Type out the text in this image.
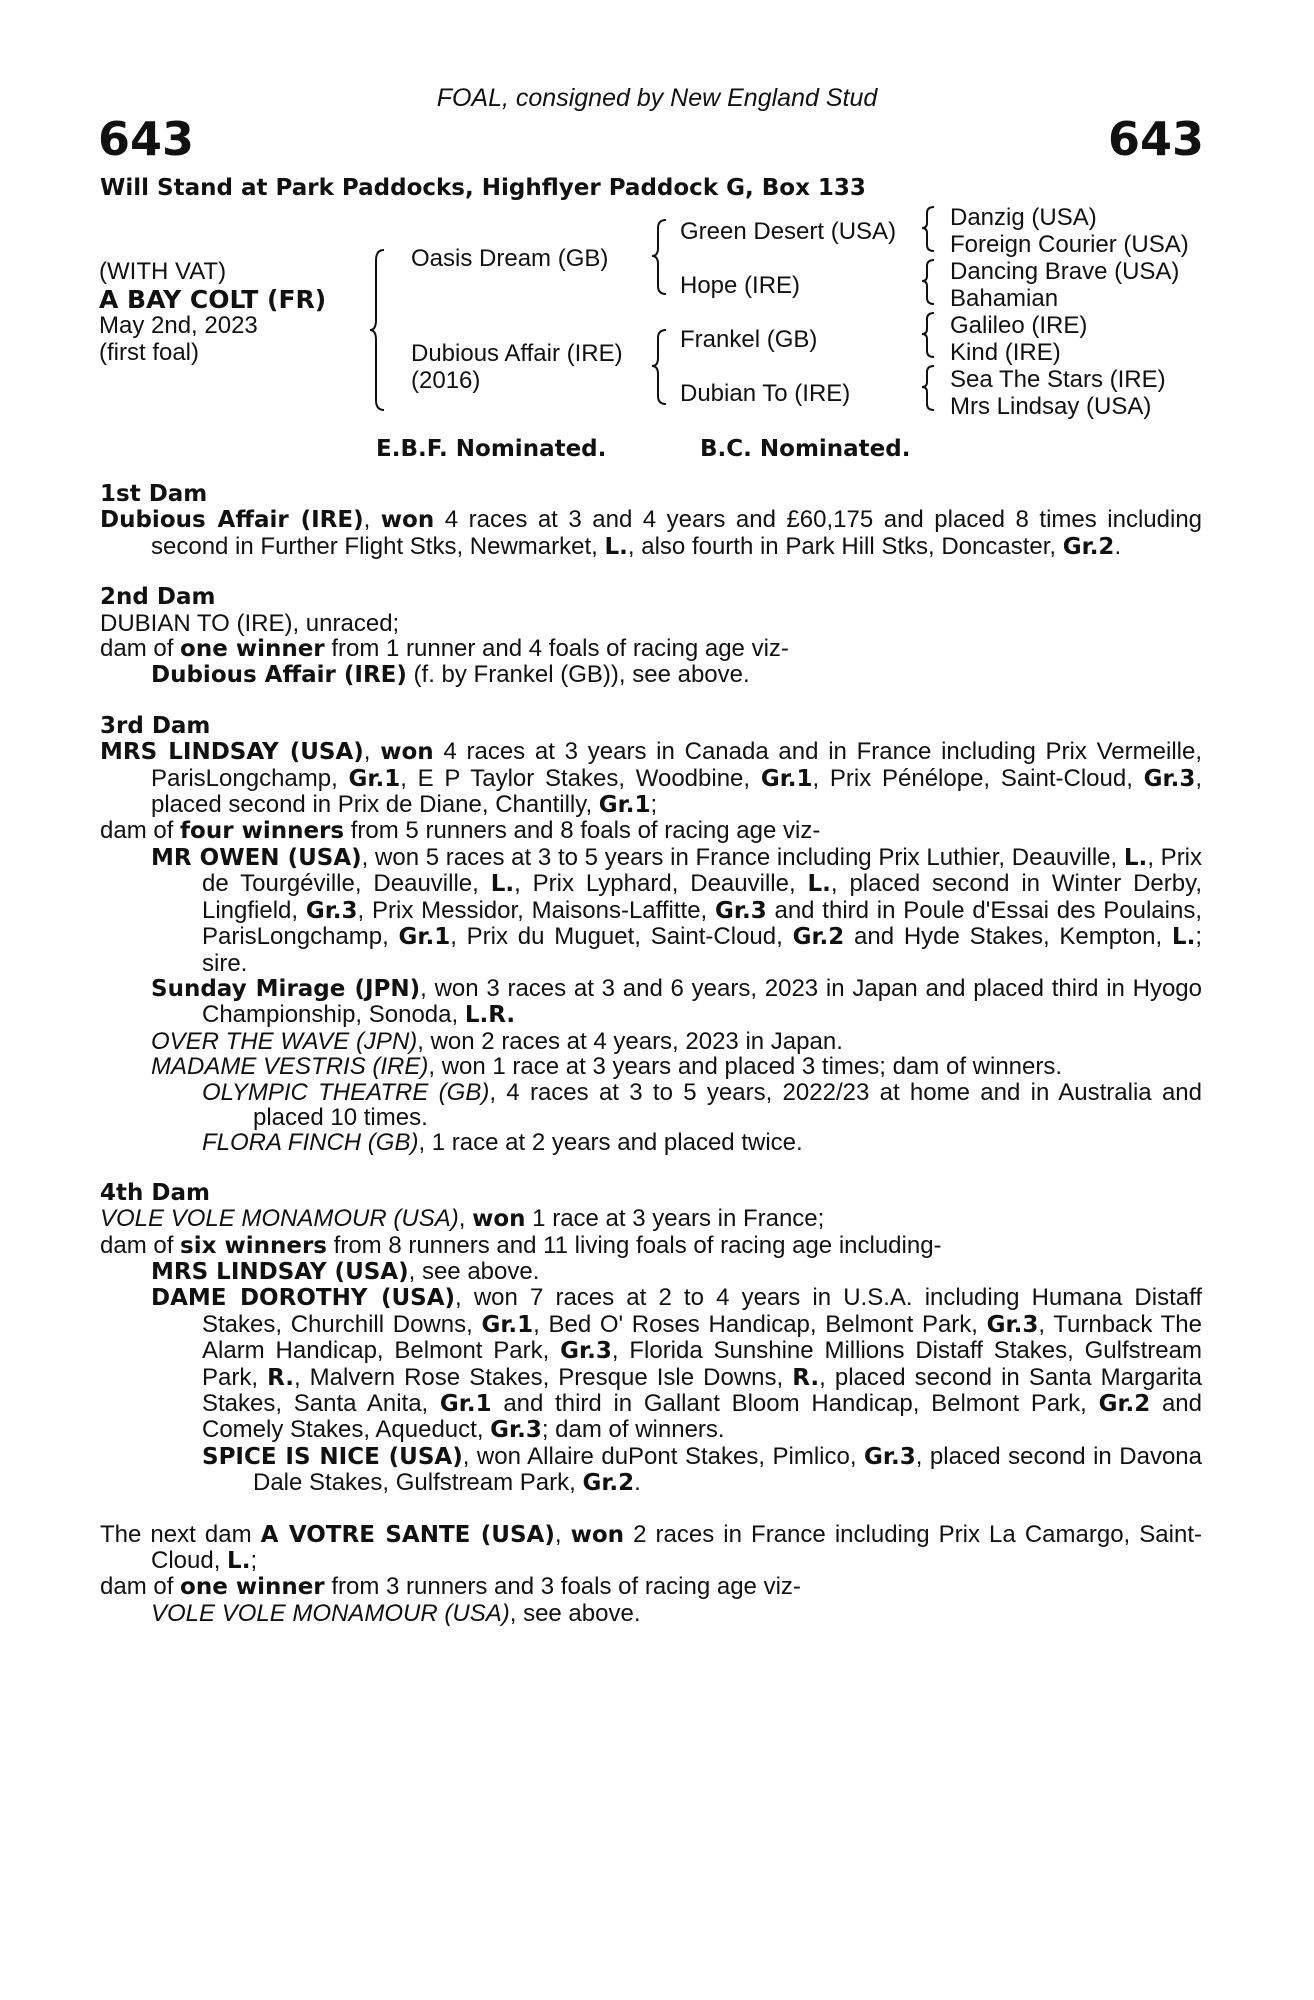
FOAL, consigned by New England Stud
643	643
Will Stand at Park Paddocks, Highflyer Paddock G, Box 133
(WITH VAT)
A BAY COLT (FR)
May 2nd, 2023
(first foal)
Oasis Dream (GB)
Dubious Affair (IRE)
(2016)
Green Desert (USA)
Hope (IRE)
Frankel (GB)
Dubian To (IRE)
Danzig (USA)
Foreign Courier (USA)
Dancing Brave (USA)
Bahamian
Galileo (IRE)
Kind (IRE)
Sea The Stars (IRE)
Mrs Lindsay (USA)
E.B.F. Nominated.	B.C. Nominated.

1st Dam

Dubious Affair (IRE), won 4 races at 3 and 4 years and £60,175 and placed 8 times including second in Further Flight Stks, Newmarket, L., also fourth in Park Hill Stks, Doncaster, Gr.2.

2nd Dam

DUBIAN TO (IRE), unraced;

dam of one winner from 1 runner and 4 foals of racing age viz-

Dubious Affair (IRE) (f. by Frankel (GB)), see above.

3rd Dam

MRS LINDSAY (USA), won 4 races at 3 years in Canada and in France including Prix Vermeille, ParisLongchamp, Gr.1, E P Taylor Stakes, Woodbine, Gr.1, Prix Pénélope, Saint-Cloud, Gr.3, placed second in Prix de Diane, Chantilly, Gr.1;

dam of four winners from 5 runners and 8 foals of racing age viz-

MR OWEN (USA), won 5 races at 3 to 5 years in France including Prix Luthier, Deauville, L., Prix de Tourgéville, Deauville, L., Prix Lyphard, Deauville, L., placed second in Winter Derby, Lingfield, Gr.3, Prix Messidor, Maisons-Laffitte, Gr.3 and third in Poule d'Essai des Poulains, ParisLongchamp, Gr.1, Prix du Muguet, Saint-Cloud, Gr.2 and Hyde Stakes, Kempton, L.; sire.

Sunday Mirage (JPN), won 3 races at 3 and 6 years, 2023 in Japan and placed third in Hyogo Championship, Sonoda, L.R.

OVER THE WAVE (JPN), won 2 races at 4 years, 2023 in Japan.

MADAME VESTRIS (IRE), won 1 race at 3 years and placed 3 times; dam of winners.

OLYMPIC THEATRE (GB), 4 races at 3 to 5 years, 2022/23 at home and in Australia and placed 10 times.

FLORA FINCH (GB), 1 race at 2 years and placed twice.

4th Dam

VOLE VOLE MONAMOUR (USA), won 1 race at 3 years in France;

dam of six winners from 8 runners and 11 living foals of racing age including-

MRS LINDSAY (USA), see above.

DAME DOROTHY (USA), won 7 races at 2 to 4 years in U.S.A. including Humana Distaff Stakes, Churchill Downs, Gr.1, Bed O' Roses Handicap, Belmont Park, Gr.3, Turnback The Alarm Handicap, Belmont Park, Gr.3, Florida Sunshine Millions Distaff Stakes, Gulfstream Park, R., Malvern Rose Stakes, Presque Isle Downs, R., placed second in Santa Margarita Stakes, Santa Anita, Gr.1 and third in Gallant Bloom Handicap, Belmont Park, Gr.2 and Comely Stakes, Aqueduct, Gr.3; dam of winners.

SPICE IS NICE (USA), won Allaire duPont Stakes, Pimlico, Gr.3, placed second in Davona Dale Stakes, Gulfstream Park, Gr.2.

The next dam A VOTRE SANTE (USA), won 2 races in France including Prix La Camargo, Saint-Cloud, L.;

dam of one winner from 3 runners and 3 foals of racing age viz-

VOLE VOLE MONAMOUR (USA), see above.
